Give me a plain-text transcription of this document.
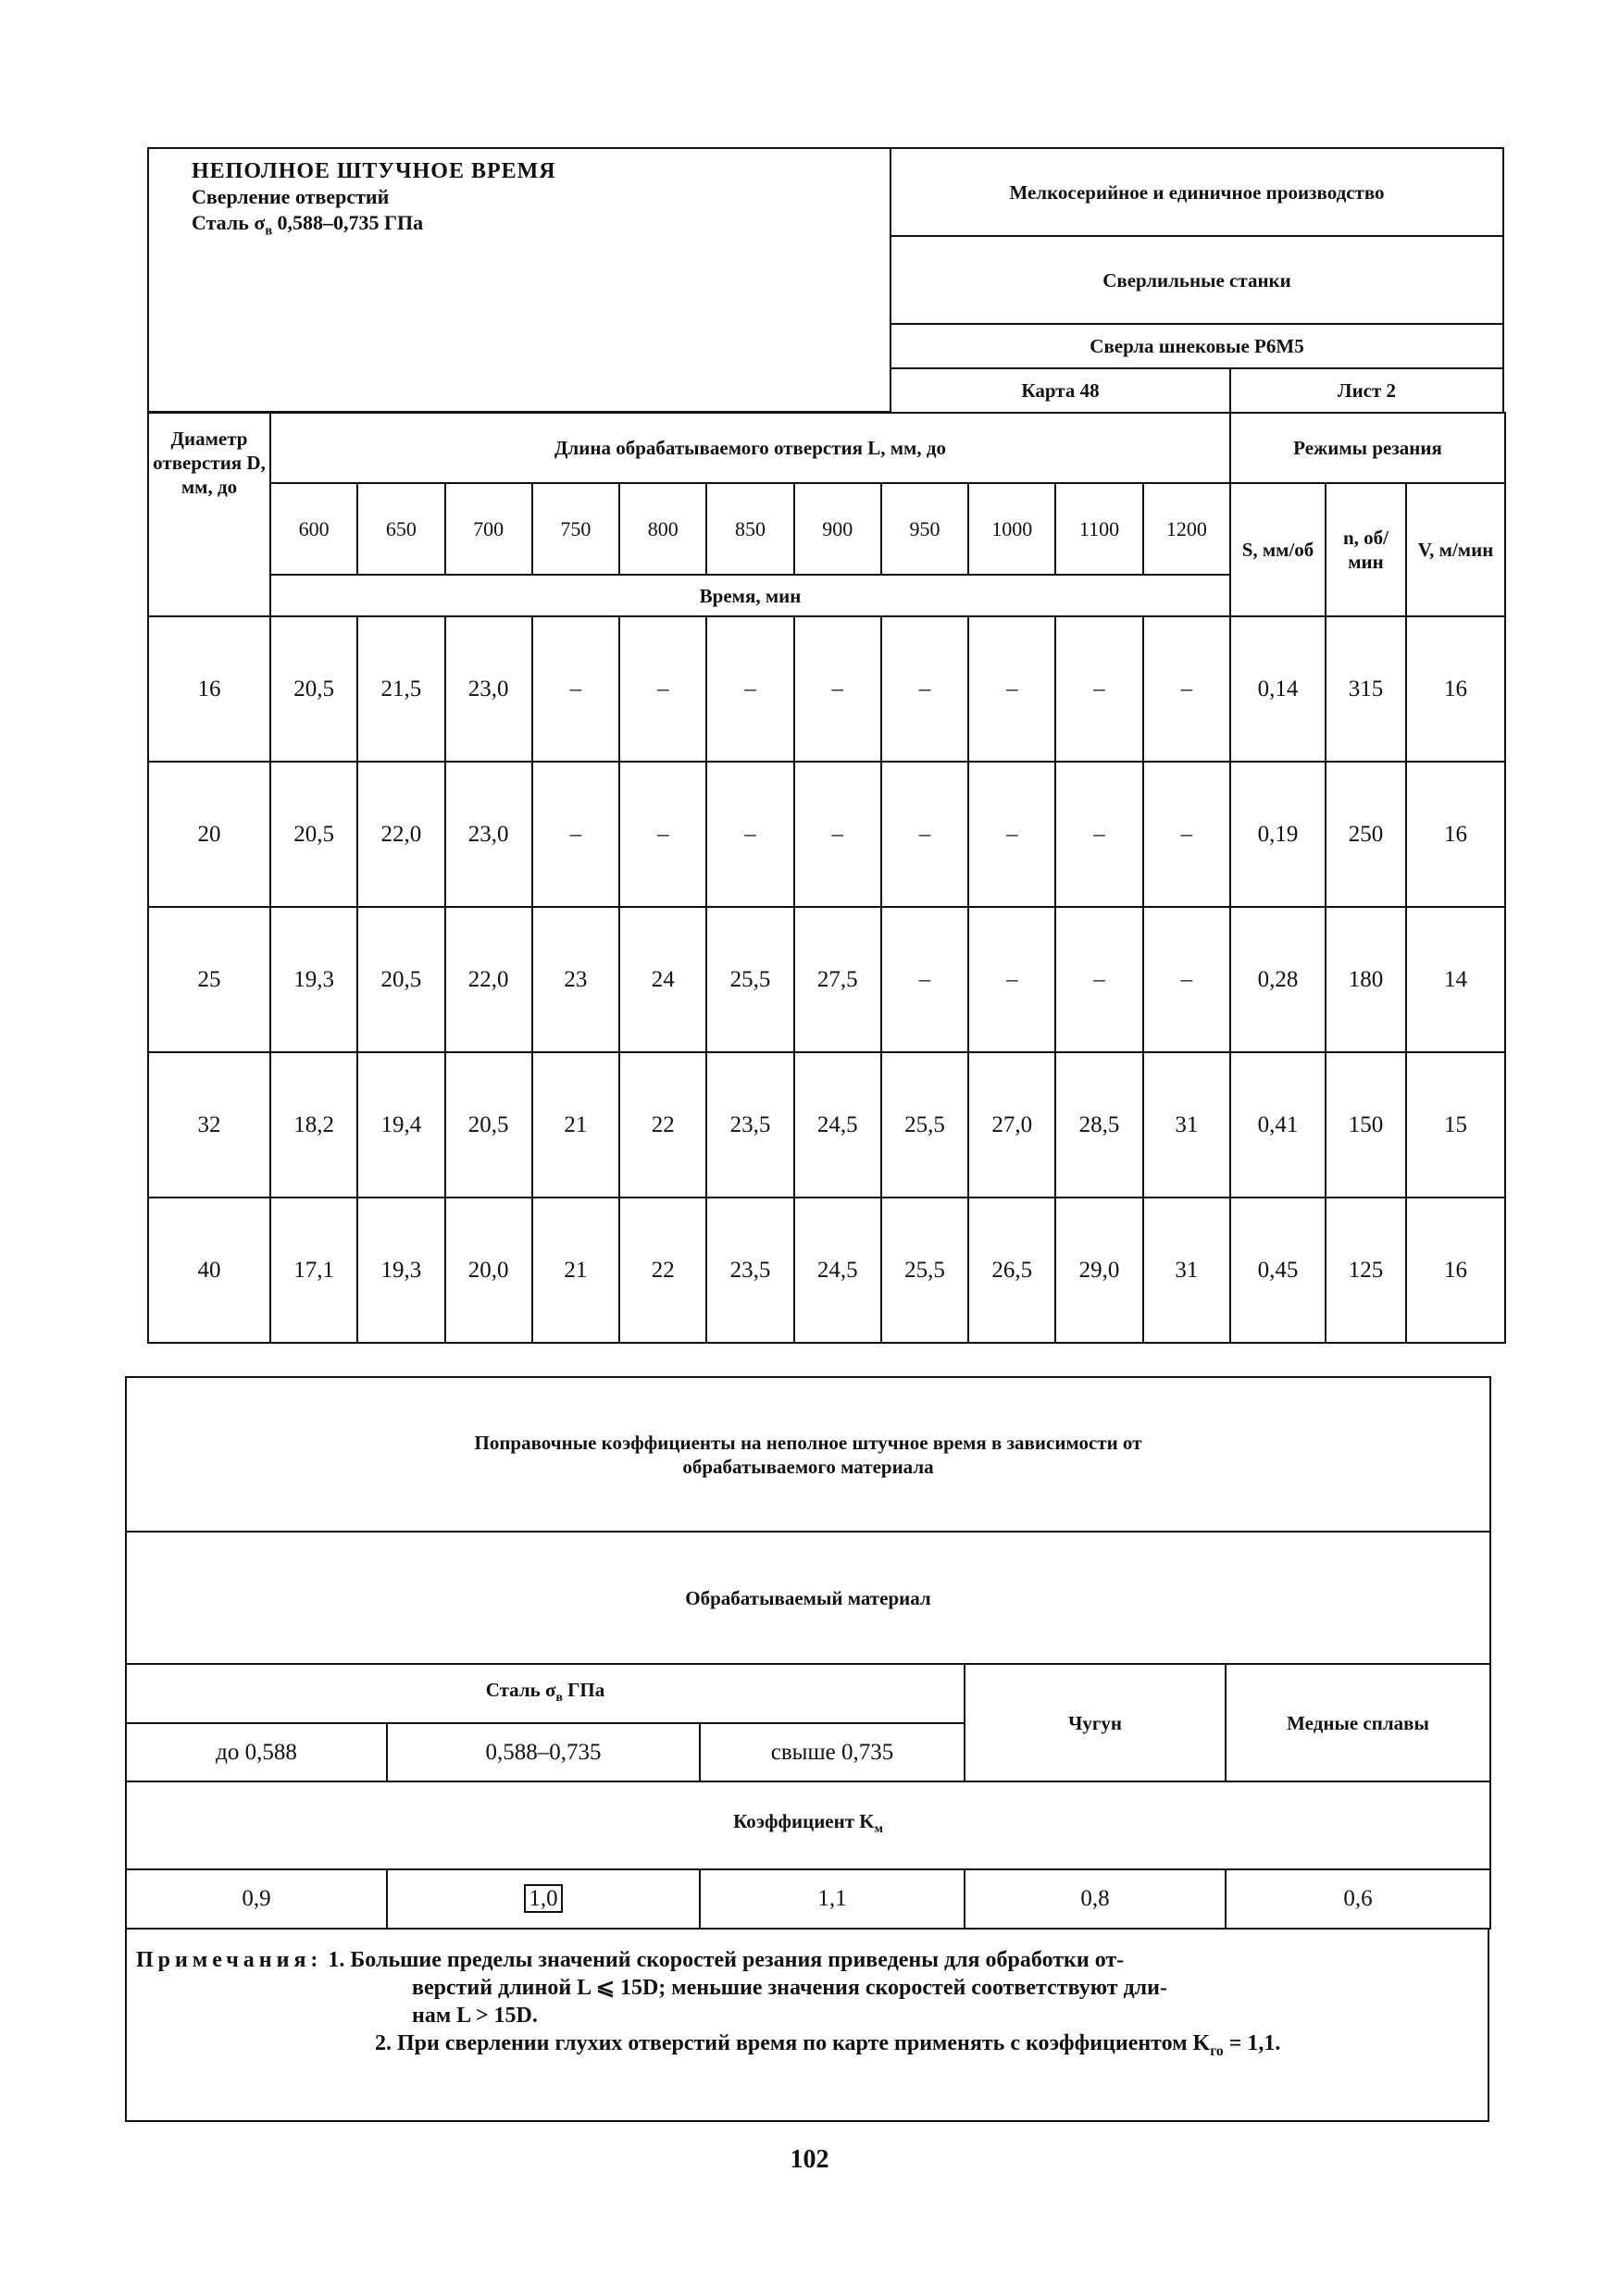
НЕПОЛНОЕ ШТУЧНОЕ ВРЕМЯ
Сверление отверстий
Сталь $\sigma_в$ 0,588–0,735 ГПа
Мелкосерийное и единичное производство
Сверлильные станки
Сверла шнековые Р6М5
Карта 48	Лист 2
Диаметр отверстия D, мм, до	Длина обрабатываемого отверстия L, мм, до											Режимы резания		
	600	650	700	750	800	850	900	950	1000	1100	1200	S, мм/об	n, об/мин	V, м/мин
	Время, мин													
16	20,5	21,5	23,0	–	–	–	–	–	–	–	–	0,14	315	16
20	20,5	22,0	23,0	–	–	–	–	–	–	–	–	0,19	250	16
25	19,3	20,5	22,0	23	24	25,5	27,5	–	–	–	–	0,28	180	14
32	18,2	19,4	20,5	21	22	23,5	24,5	25,5	27,0	28,5	31	0,41	150	15
40	17,1	19,3	20,0	21	22	23,5	24,5	25,5	26,5	29,0	31	0,45	125	16
Поправочные коэффициенты на неполное штучное время в зависимости от обрабатываемого материала				
Обрабатываемый материал				
Сталь $\sigma_в$ ГПа			Чугун	Медные сплавы
до 0,588	0,588–0,735	свыше 0,735		
Коэффициент $K_м$
0,9	1,0	1,1	0,8	0,6
Примечания:
1. Большие пределы значений скоростей резания приведены для обработки от-
верстий длиной L ⩽ 15D; меньшие значения скоростей соответствуют дли-
нам L > 15D.
2. При сверлении глухих отверстий время по карте применять с коэффициентом $K_{го} = 1,1$.
102
